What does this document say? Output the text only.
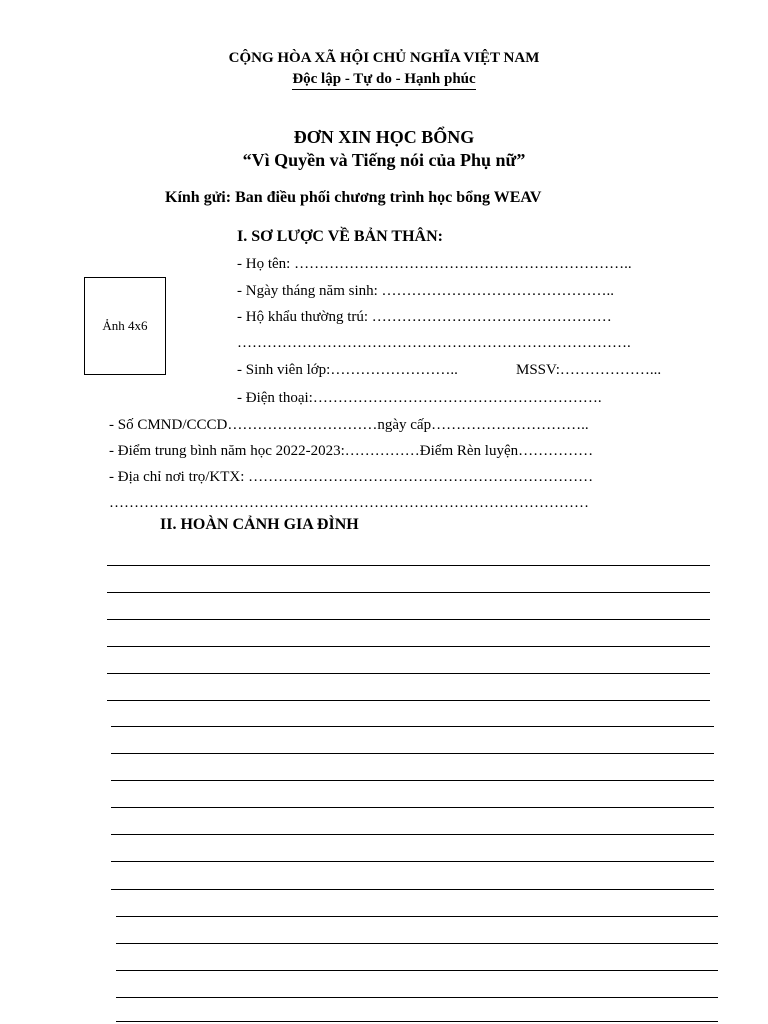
CỘNG HÒA XÃ HỘI CHỦ NGHĨA VIỆT NAM
Độc lập - Tự do - Hạnh phúc
ĐƠN XIN HỌC BỔNG
“Vì Quyền và Tiếng nói của Phụ nữ”
Kính gửi: Ban điều phối chương trình học bổng WEAV
Ảnh 4x6
I. SƠ LƯỢC VỀ BẢN THÂN:
- Họ tên: …………………………………………………………..
- Ngày tháng năm sinh: ………………………………………..
- Hộ khẩu thường trú: …………………………………………
…………………………………………………………………….
- Sinh viên lớp:……………………..	MSSV:………………...
- Điện thoại:………………………………………………….
- Số CMND/CCCD…………………………ngày cấp…………………………..
- Điểm trung bình năm học 2022-2023:……………Điểm Rèn luyện……………
- Địa chỉ nơi trọ/KTX: ……………………………………………………………
……………………………………………………………………………………
II. HOÀN CẢNH GIA ĐÌNH
